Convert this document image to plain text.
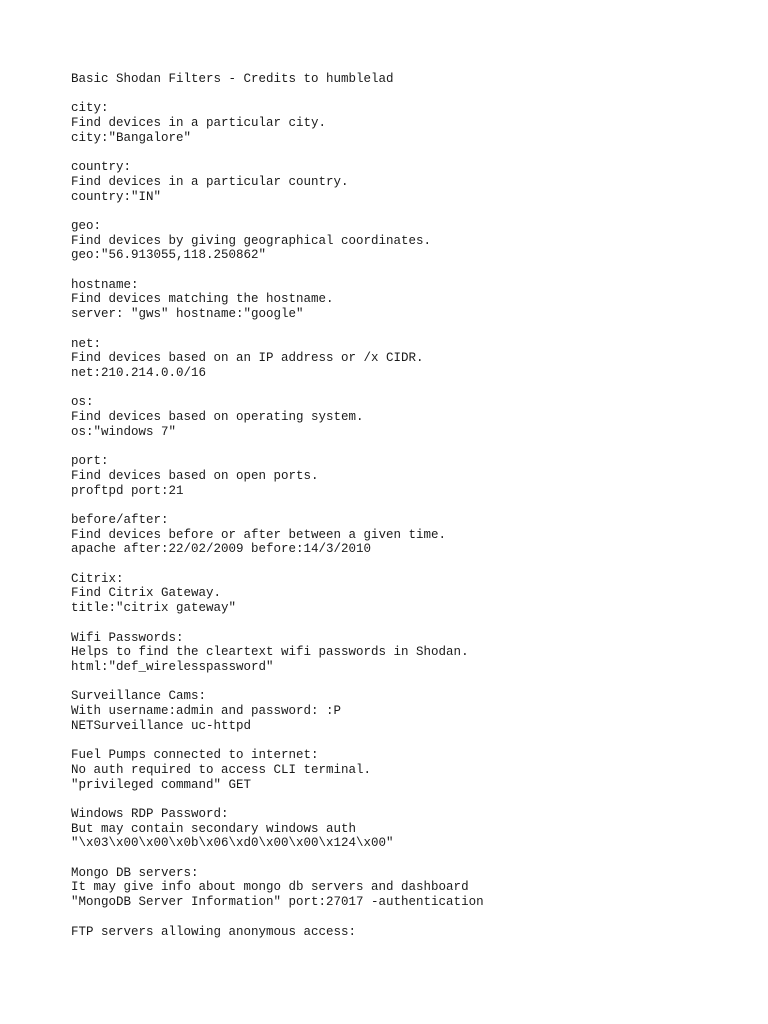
Basic Shodan Filters - Credits to humblelad
city:
Find devices in a particular city.
city:"Bangalore"
country:
Find devices in a particular country.
country:"IN"
geo:
Find devices by giving geographical coordinates.
geo:"56.913055,118.250862"
hostname:
Find devices matching the hostname.
server: "gws" hostname:"google"
net:
Find devices based on an IP address or /x CIDR.
net:210.214.0.0/16
os:
Find devices based on operating system.
os:"windows 7"
port:
Find devices based on open ports.
proftpd port:21
before/after:
Find devices before or after between a given time.
apache after:22/02/2009 before:14/3/2010
Citrix:
Find Citrix Gateway.
title:"citrix gateway"
Wifi Passwords:
Helps to find the cleartext wifi passwords in Shodan.
html:"def_wirelesspassword"
Surveillance Cams:
With username:admin and password: :P
NETSurveillance uc-httpd
Fuel Pumps connected to internet:
No auth required to access CLI terminal.
"privileged command" GET
Windows RDP Password:
But may contain secondary windows auth
"\x03\x00\x00\x0b\x06\xd0\x00\x00\x124\x00"
Mongo DB servers:
It may give info about mongo db servers and dashboard
"MongoDB Server Information" port:27017 -authentication
FTP servers allowing anonymous access:
